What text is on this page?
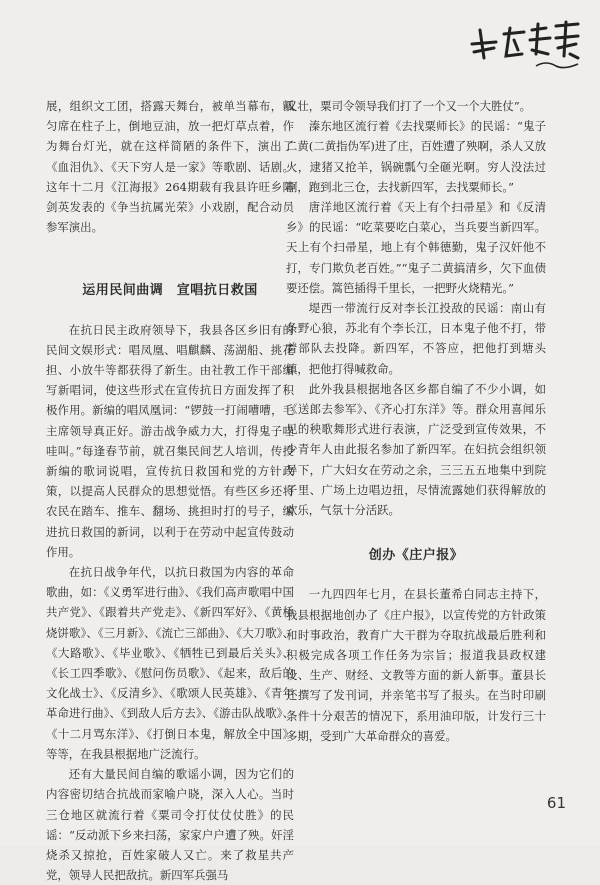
展，组织文工团，搭露天舞台，被单当幕布，瓤匀席在柱子上，倒地豆油，放一把灯草点着，作为舞台灯光，就在这样简陋的条件下，演出了《血泪仇》、《天下穷人是一家》等歌剧、话剧。这年十二月《江海报》264期载有我县许旺乡陆剑英发表的《争当抗属光荣》小戏剧，配合动员参军演出。

运用民间曲调　宣唱抗日救国

在抗日民主政府领导下，我县各区乡旧有的民间文娱形式：唱凤凰、唱麒麟、荡湖船、挑花担、小放牛等都获得了新生。由社教工作干部编写新唱词，使这些形式在宣传抗日方面发挥了积极作用。新编的唱凤凰词：“锣鼓一打闹嘈嘈，毛主席领导真正好。游击战争威力大，打得鬼子哇哇叫。”每逢春节前，就召集民间艺人培训，传授新编的歌词说唱，宣传抗日救国和党的方针政策，以提高人民群众的思想觉悟。有些区乡还将农民在踏车、推车、翻场、挑担时打的号子，编进抗日救国的新词，以利于在劳动中起宣传鼓动作用。

在抗日战争年代，以抗日救国为内容的革命歌曲，如：《义勇军进行曲》、《我们高声歌唱中国共产党》、《跟着共产党走》、《新四军好》、《黄桥烧饼歌》、《三月新》、《流亡三部曲》、《大刀歌》、《大路歌》、《毕业歌》、《牺牲已到最后关头》、《长工四季歌》、《慰问伤员歌》、《起来，敌后的文化战士》、《反清乡》、《歌颂人民英雄》、《青年革命进行曲》、《到敌人后方去》、《游击队战歌》、《十二月骂东洋》、《打倒日本鬼，解放全中国》等等，在我县根据地广泛流行。

还有大量民间自编的歌谣小调，因为它们的内容密切结合抗战而家喻户晓，深入人心。当时三仓地区就流行着《粟司令打仗仗仗胜》的民谣：“反动派下乡来扫荡，家家户户遭了殃。奸淫烧杀又掠抢，百姓家破人又亡。来了救星共产党，领导人民把敌抗。新四军兵强马

又壮，粟司令领导我们打了一个又一个大胜仗”。

溱东地区流行着《去找粟师长》的民谣：“鬼子二黄(二黄指伪军)进了庄，百姓遭了殃啊，杀人又放火，逮猪又抢羊，锅碗瓢勺全砸光啊。穷人没法过啊，跑到北三仓，去找新四军，去找粟师长。”

唐洋地区流行着《天上有个扫帚星》和《反清乡》的民谣：“吃菜要吃白菜心，当兵要当新四军。天上有个扫帚星，地上有个韩德勤，鬼子汉奸他不打，专门欺负老百姓。”“鬼子二黄搞清乡，欠下血债要还偿。篙笆插得千里长，一把野火烧精光。”

堤西一带流行反对李长江投敌的民谣：南山有条野心狼，苏北有个李长江，日本鬼子他不打，带着部队去投降。新四军，不答应，把他打到塘头镇，把他打得喊救命。

此外我县根据地各区乡都自编了不少小调，如《送郎去参军》、《齐心打东洋》等。群众用喜闻乐见的秧歌舞形式进行表演，广泛受到宣传效果，不少青年人由此报名参加了新四军。在妇抗会组织领导下，广大妇女在劳动之余，三三五五地集中到院子里、广场上边唱边扭，尽情流露她们获得解放的欢乐，气氛十分活跃。

创办《庄户报》

一九四四年七月，在县长董希白同志主持下，我县根据地创办了《庄户报》，以宣传党的方针政策和时事政治，教育广大干群为夺取抗战最后胜利和积极完成各项工作任务为宗旨；报道我县政权建设、生产、财经、文教等方面的新人新事。董县长还撰写了发刊词，并亲笔书写了报头。在当时印刷条件十分艰苦的情况下，系用油印版，计发行三十多期，受到广大革命群众的喜爱。

61
